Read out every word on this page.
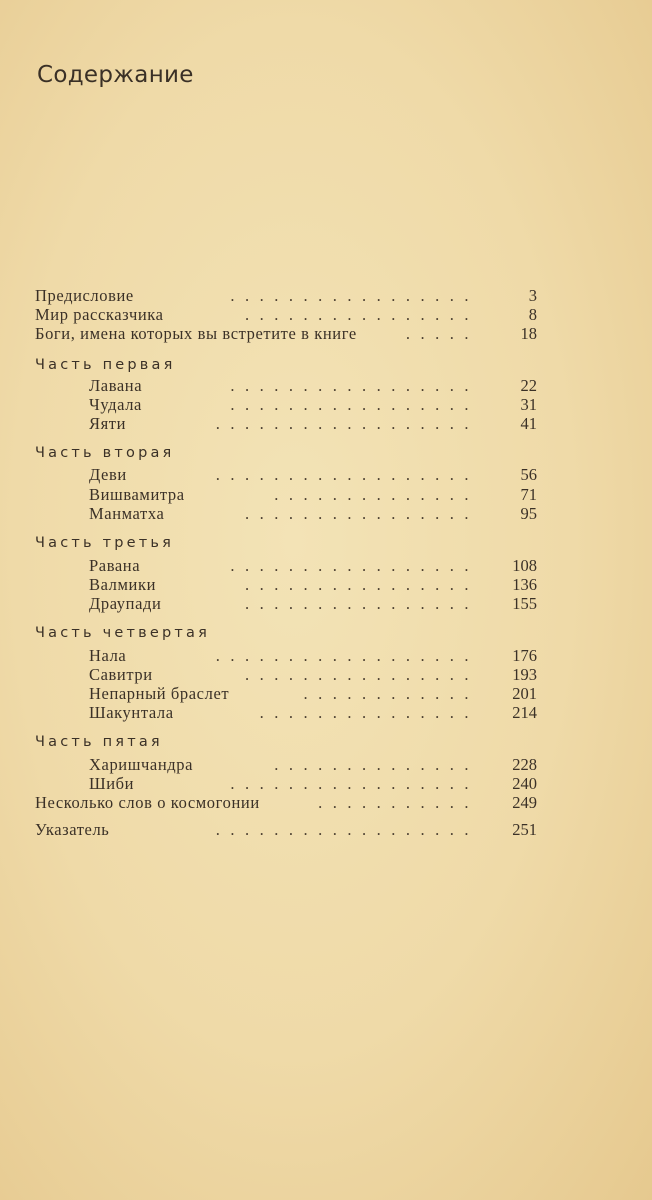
Содержание
Предисловие	.................	3
Мир рассказчика	................	8
Боги, имена которых вы встретите в книге	.....	18
Часть первая
Лавана	.................	22
Чудала	.................	31
Яяти	..................	41
Часть вторая
Деви	..................	56
Вишвамитра	..............	71
Манматха	................	95
Часть третья
Равана	................. 108
Валмики	................ 136
Драупади	................ 155
Часть четвертая
Нала	.................. 176
Савитри	................ 193
Непарный браслет	............ 201
Шакунтала	............... 214
Часть пятая
Харишчандра	.............. 228
Шиби	................. 240
Несколько слов о космогонии	........... 249
Указатель	.................. 251
